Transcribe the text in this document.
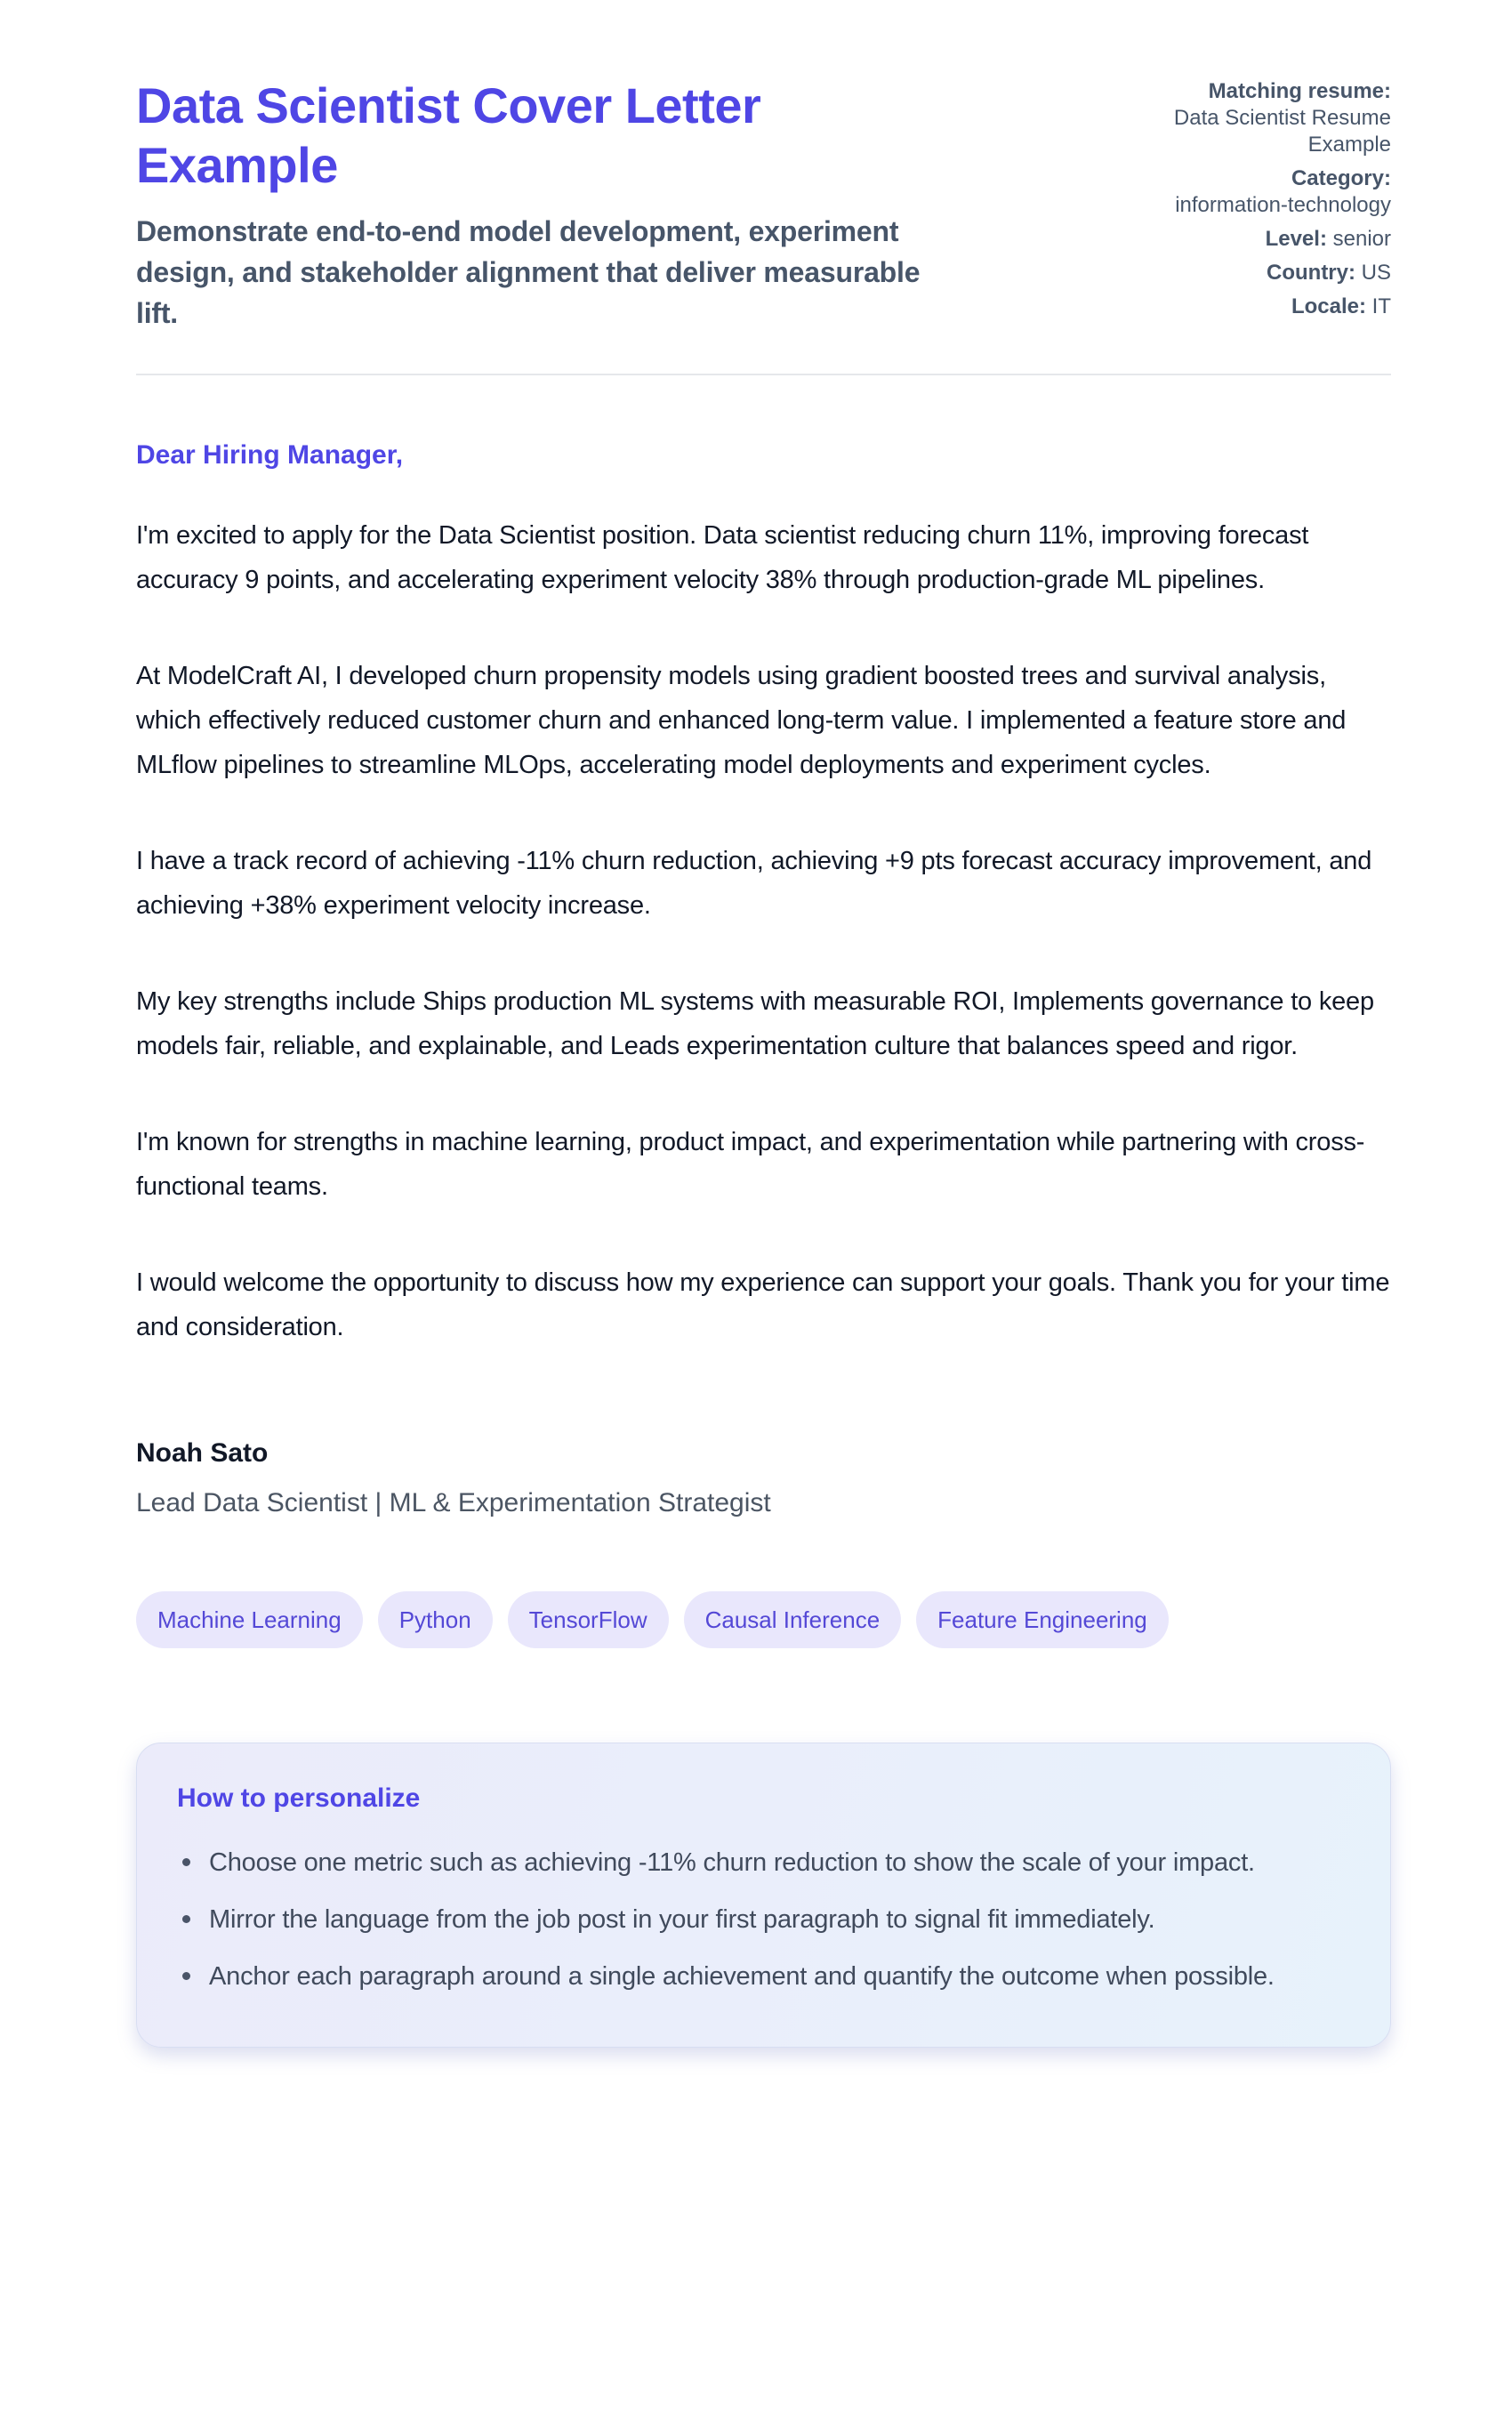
Data Scientist Cover Letter Example

Demonstrate end-to-end model development, experiment design, and stakeholder alignment that deliver measurable lift.

Matching resume:
Data Scientist Resume Example
Category:
information-technology
Level: senior
Country: US
Locale: IT

Dear Hiring Manager,

I'm excited to apply for the Data Scientist position. Data scientist reducing churn 11%, improving forecast accuracy 9 points, and accelerating experiment velocity 38% through production-grade ML pipelines.

At ModelCraft AI, I developed churn propensity models using gradient boosted trees and survival analysis, which effectively reduced customer churn and enhanced long-term value. I implemented a feature store and MLflow pipelines to streamline MLOps, accelerating model deployments and experiment cycles.

I have a track record of achieving -11% churn reduction, achieving +9 pts forecast accuracy improvement, and achieving +38% experiment velocity increase.

My key strengths include Ships production ML systems with measurable ROI, Implements governance to keep models fair, reliable, and explainable, and Leads experimentation culture that balances speed and rigor.

I'm known for strengths in machine learning, product impact, and experimentation while partnering with cross-functional teams.

I would welcome the opportunity to discuss how my experience can support your goals. Thank you for your time and consideration.

Noah Sato

Lead Data Scientist | ML & Experimentation Strategist

Machine Learning	Python	TensorFlow	Causal Inference	Feature Engineering
How to personalize
Choose one metric such as achieving -11% churn reduction to show the scale of your impact.
Mirror the language from the job post in your first paragraph to signal fit immediately.
Anchor each paragraph around a single achievement and quantify the outcome when possible.
